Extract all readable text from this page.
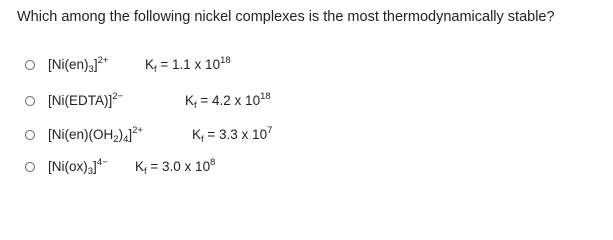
Which among the following nickel complexes is the most thermodynamically stable?
$[Ni(en)_3]^{2+}$	$K_f = 1.1$ x $10^{18}$
[Ni(EDTA)]$^{2-}$	$K_f = 4.2$ x $10^{18}$
$[Ni(en)(OH_2)_4]^{2+}$	$K_f = 3.3$ x $10^7$
$[Ni(ox)_3]^{4-}$ $K_f = 3.0$ x $10^8$
